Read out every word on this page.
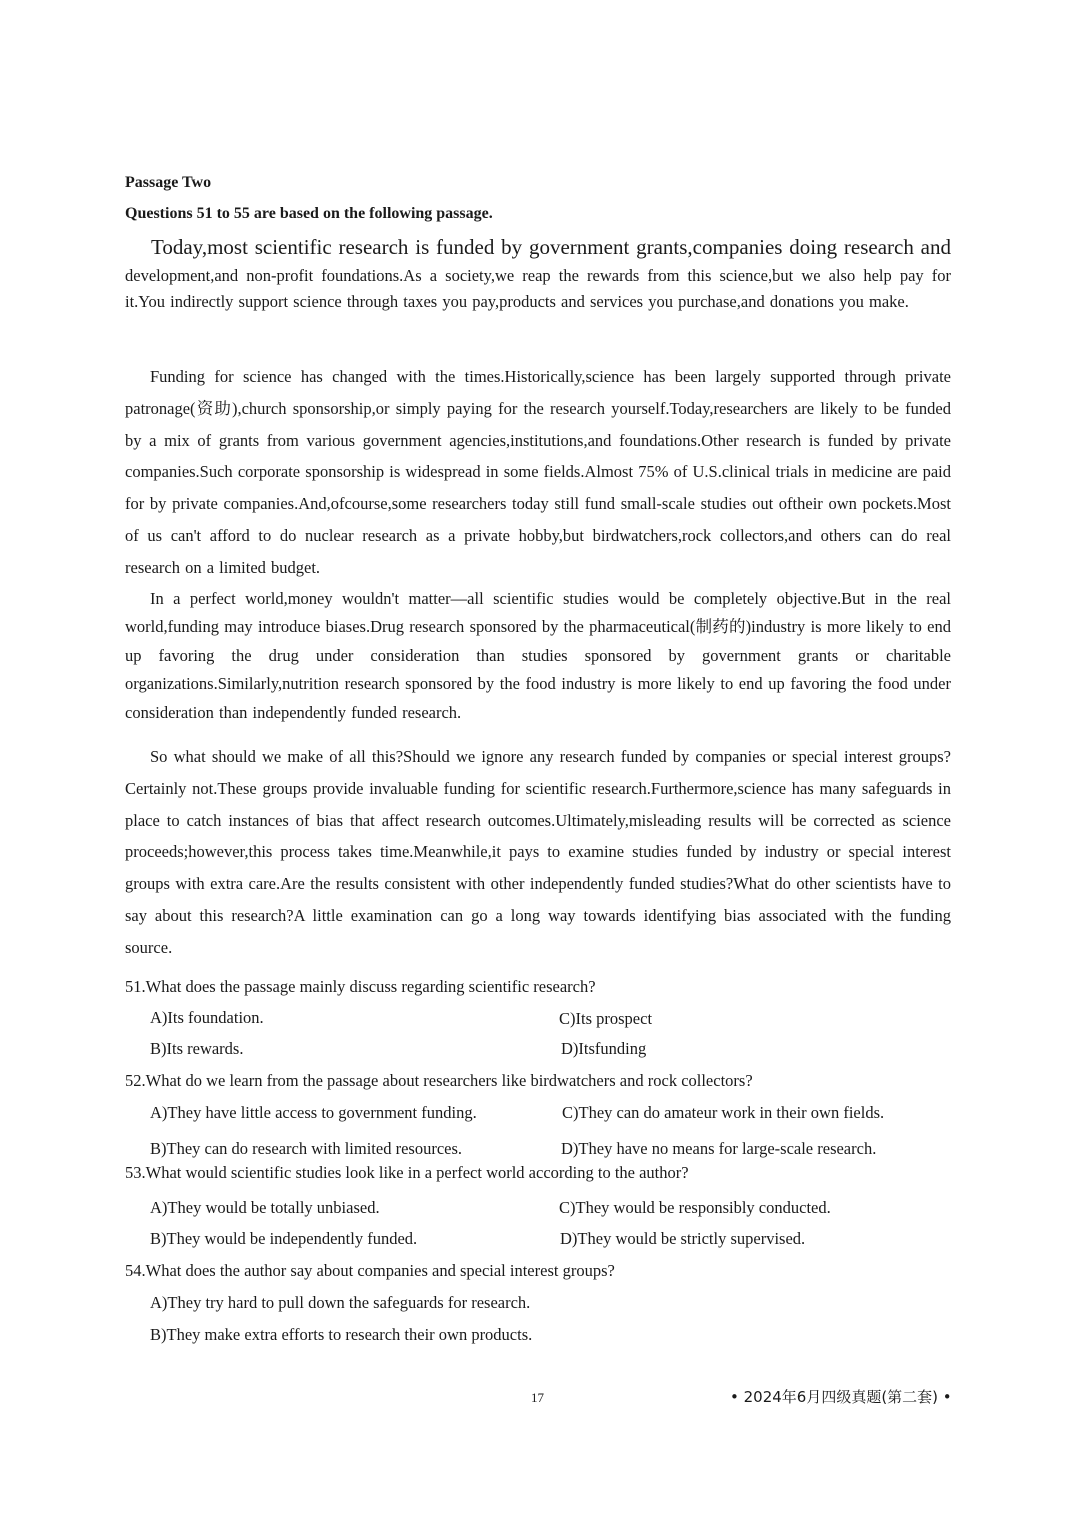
Passage Two
Questions 51 to 55 are based on the following passage.
Today,most scientific research is funded by government grants,companies doing research and development,and non-profit foundations.As a society,we reap the rewards from this science,but we also help pay for it.You indirectly support science through taxes you pay,products and services you purchase,and donations you make.
Funding for science has changed with the times.Historically,science has been largely supported through private patronage(资助),church sponsorship,or simply paying for the research yourself.Today,researchers are likely to be funded by a mix of grants from various government agencies,institutions,and foundations.Other research is funded by private companies.Such corporate sponsorship is widespread in some fields.Almost 75% of U.S.clinical trials in medicine are paid for by private companies.And,ofcourse,some researchers today still fund small-scale studies out oftheir own pockets.Most of us can't afford to do nuclear research as a private hobby,but birdwatchers,rock collectors,and others can do real research on a limited budget.
In a perfect world,money wouldn't matter—all scientific studies would be completely objective.But in the real world,funding may introduce biases.Drug research sponsored by the pharmaceutical(制药的)industry is more likely to end up favoring the drug under consideration than studies sponsored by government grants or charitable organizations.Similarly,nutrition research sponsored by the food industry is more likely to end up favoring the food under consideration than independently funded research.
So what should we make of all this?Should we ignore any research funded by companies or special interest groups?Certainly not.These groups provide invaluable funding for scientific research.Furthermore,science has many safeguards in place to catch instances of bias that affect research outcomes.Ultimately,misleading results will be corrected as science proceeds;however,this process takes time.Meanwhile,it pays to examine studies funded by industry or special interest groups with extra care.Are the results consistent with other independently funded studies?What do other scientists have to say about this research?A little examination can go a long way towards identifying bias associated with the funding source.
51.What does the passage mainly discuss regarding scientific research?
A)Its foundation.	C)Its prospect
B)Its rewards.	D)Itsfunding
52.What do we learn from the passage about researchers like birdwatchers and rock collectors?
A)They have little access to government funding.	C)They can do amateur work in their own fields.
B)They can do research with limited resources.	D)They have no means for large-scale research.
53.What would scientific studies look like in a perfect world according to the author?
A)They would be totally unbiased.	C)They would be responsibly conducted.
B)They would be independently funded.	D)They would be strictly supervised.
54.What does the author say about companies and special interest groups?
A)They try hard to pull down the safeguards for research.
B)They make extra efforts to research their own products.
17	• 2024年6月四级真题(第二套) •
